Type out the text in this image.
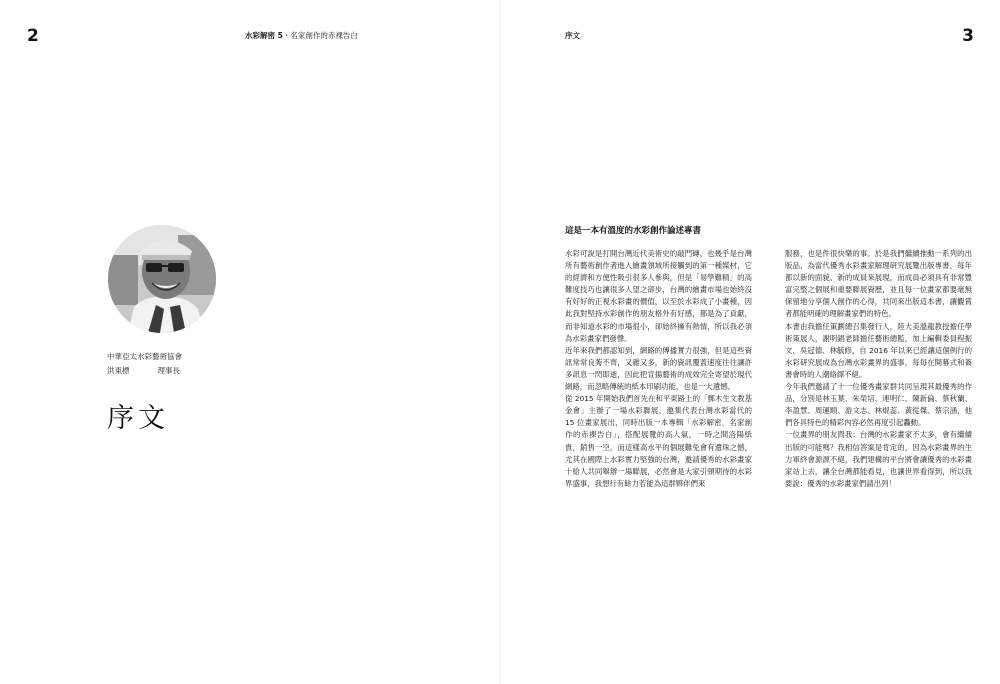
2	水彩解密 5・名家創作的赤裸告白
中華亞太水彩藝術協會
洪東標	理事長
序文
序文	3
這是一本有溫度的水彩創作論述專書

水彩可說是打開台灣近代美術史的敲門磚，也幾乎是台灣所有藝術創作者進入繪畫領域所接觸到的第一種媒材，它的經濟和方便性吸引很多人參與，但是「易學難精」的高難度技巧也讓很多人望之卻步，台灣的繪畫市場也始終沒有好好的正視水彩畫的價值，以至於水彩成了小畫種，因此我對堅持水彩創作的朋友格外有好感，都是為了貢獻，而非知道水彩的市場很小，卻始終擁有熱情，所以我必須為水彩畫家們發聲。

近年來我們都認知到，網路的傳播實力很強，但是這些資訊常常良莠不齊，又雜又多，新的資訊覆蓋速度往往讓許多訊息一閃即逝，因此把宣揚藝術的成效完全寄望於現代網路，而忽略傳統的紙本印刷功能，也是一大遺憾。

從 2015 年開始我們首先在和平東路上的「郵木生文教基金會」主辦了一場水彩聯展，邀集代表台灣水彩當代的 15 位畫家展出，同時出版一本專輯「水彩解密．名家創作的赤裸告白」，搭配展覽的高人氣，一時之間洛陽紙貴，銷售一空。而這樣高水平的個展難免會有遺珠之憾，尤其在國際上水彩實力堅強的台灣，邀請優秀的水彩畫家十給人共同舉辦一場聯展，必然會是大家引頸期待的水彩界盛事，我想行有餘力若能為這群夥伴們來

服務，也是件很快樂的事。於是我們繼續推動一系列的出版品，為當代優秀水彩畫家解理研究展覽出版專書，每年都以新的面貌、新的成員來展現，而成員必須具有非常豐富完整之個展和重要聯展資歷，並且每一位畫家都要毫無保留地分享個人創作的心得，共同來出版這本書，讓觀賞者都能明確的理解畫家們的特色。

本書由我擔任策劃總召集發行人，陸大美溫龍教授擔任學術策展人，謝明錩老師擔任藝術總監，加上編輯委員程振文、吳冠德、林毓修，自 2016 年以來已經讓這個例行的水彩研究展成為台灣水彩畫界的盛事，每每在開幕式和簽書會時的人潮絡繹不絕。

今年我們邀請了十一位優秀畫家群共同呈現其最優秀的作品，分別是林玉葉、朱榮培、連明仁、陳新倫、蔡秋蘭、李盈慧、周運順、游文志、林焜蕊、黃從傑、蔡宗涵，他們各具特色的精彩內容必然再度引起轟動。

一位畫界的朋友問我：台灣的水彩畫家不太多，會有繼續出版的可能嗎？我相信答案是肯定的，因為水彩畫界的生力軍終會源源不絕，我們建構的平台將會讓優秀的水彩畫家站上去，讓全台灣都能看見，也讓世界看得到，所以我要說：優秀的水彩畫家們請出列！
